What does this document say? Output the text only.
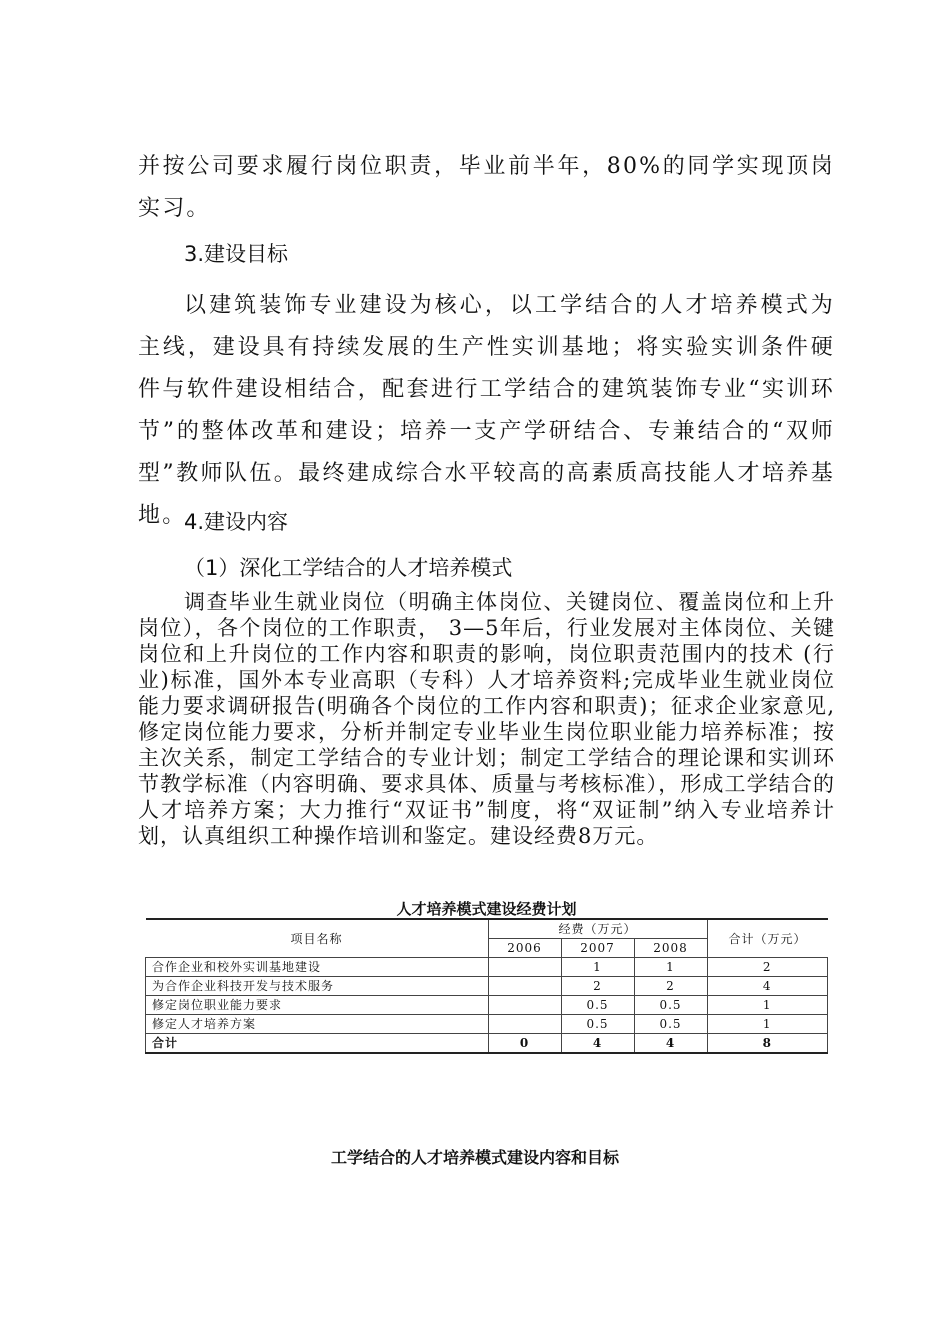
并按公司要求履行岗位职责，毕业前半年，80%的同学实现顶岗实习。

3.建设目标

以建筑装饰专业建设为核心，以工学结合的人才培养模式为主线，建设具有持续发展的生产性实训基地；将实验实训条件硬件与软件建设相结合，配套进行工学结合的建筑装饰专业“实训环节”的整体改革和建设；培养一支产学研结合、专兼结合的“双师型”教师队伍。最终建成综合水平较高的高素质高技能人才培养基地。

4.建设内容
（1）深化工学结合的人才培养模式

调查毕业生就业岗位（明确主体岗位、关键岗位、覆盖岗位和上升岗位），各个岗位的工作职责， 3—5年后，行业发展对主体岗位、关键岗位和上升岗位的工作内容和职责的影响，岗位职责范围内的技术 (行业)标准，国外本专业高职（专科）人才培养资料;完成毕业生就业岗位能力要求调研报告(明确各个岗位的工作内容和职责)；征求企业家意见,修定岗位能力要求，分析并制定专业毕业生岗位职业能力培养标准；按主次关系，制定工学结合的专业计划；制定工学结合的理论课和实训环节教学标准（内容明确、要求具体、质量与考核标准），形成工学结合的人才培养方案；大力推行“双证书”制度，将“双证制”纳入专业培养计划，认真组织工种操作培训和鉴定。建设经费8万元。

人才培养模式建设经费计划
项目名称	经费（万元）			合计（万元）
	2006	2007	2008	
合作企业和校外实训基地建设		1	1	2
为合作企业科技开发与技术服务		2	2	4
修定岗位职业能力要求		0.5	0.5	1
修定人才培养方案		0.5	0.5	1
合计	0	4	4	8
工学结合的人才培养模式建设内容和目标
